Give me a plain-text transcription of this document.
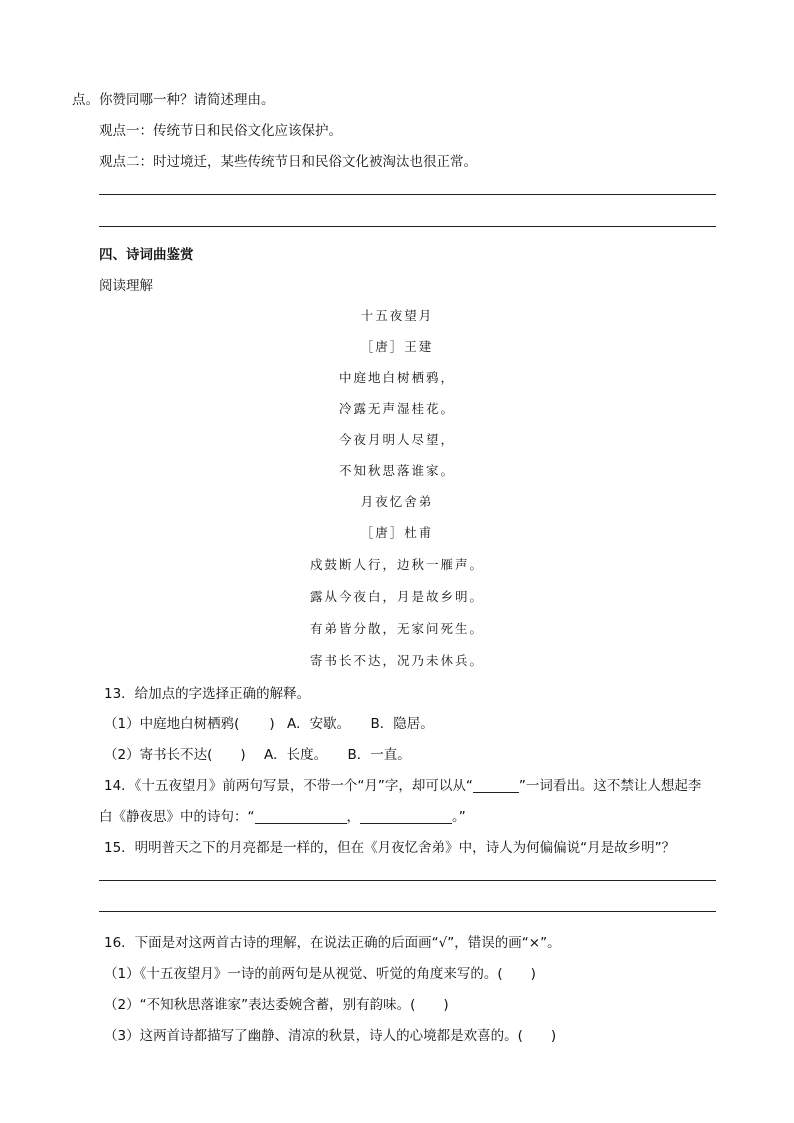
点。你赞同哪一种？请简述理由。
观点一：传统节日和民俗文化应该保护。
观点二：时过境迁，某些传统节日和民俗文化被淘汰也很正常。
四、诗词曲鉴赏
阅读理解
十五夜望月
［唐］王建
中庭地白树栖鸦，
冷露无声湿桂花。
今夜月明人尽望，
不知秋思落谁家。
月夜忆舍弟
［唐］杜甫
戍鼓断人行，边秋一雁声。
露从今夜白，月是故乡明。
有弟皆分散，无家问死生。
寄书长不达，况乃未休兵。
13．给加点的字选择正确的解释。
（1）中庭地白树栖鸦( ) A．安歇。 B．隐居。
（2）寄书长不达( ) A．长度。 B．一直。
14．《十五夜望月》前两句写景，不带一个“月”字，却可以从“	”一词看出。这不禁让人想起李
白《静夜思》中的诗句：“	，	。”
15．明明普天之下的月亮都是一样的，但在《月夜忆舍弟》中，诗人为何偏偏说“月是故乡明”？
16．下面是对这两首古诗的理解，在说法正确的后面画“√”，错误的画“×”。
（1）《十五夜望月》一诗的前两句是从视觉、听觉的角度来写的。( )
（2）“不知秋思落谁家”表达委婉含蓄，别有韵味。( )
（3）这两首诗都描写了幽静、清凉的秋景，诗人的心境都是欢喜的。( )
